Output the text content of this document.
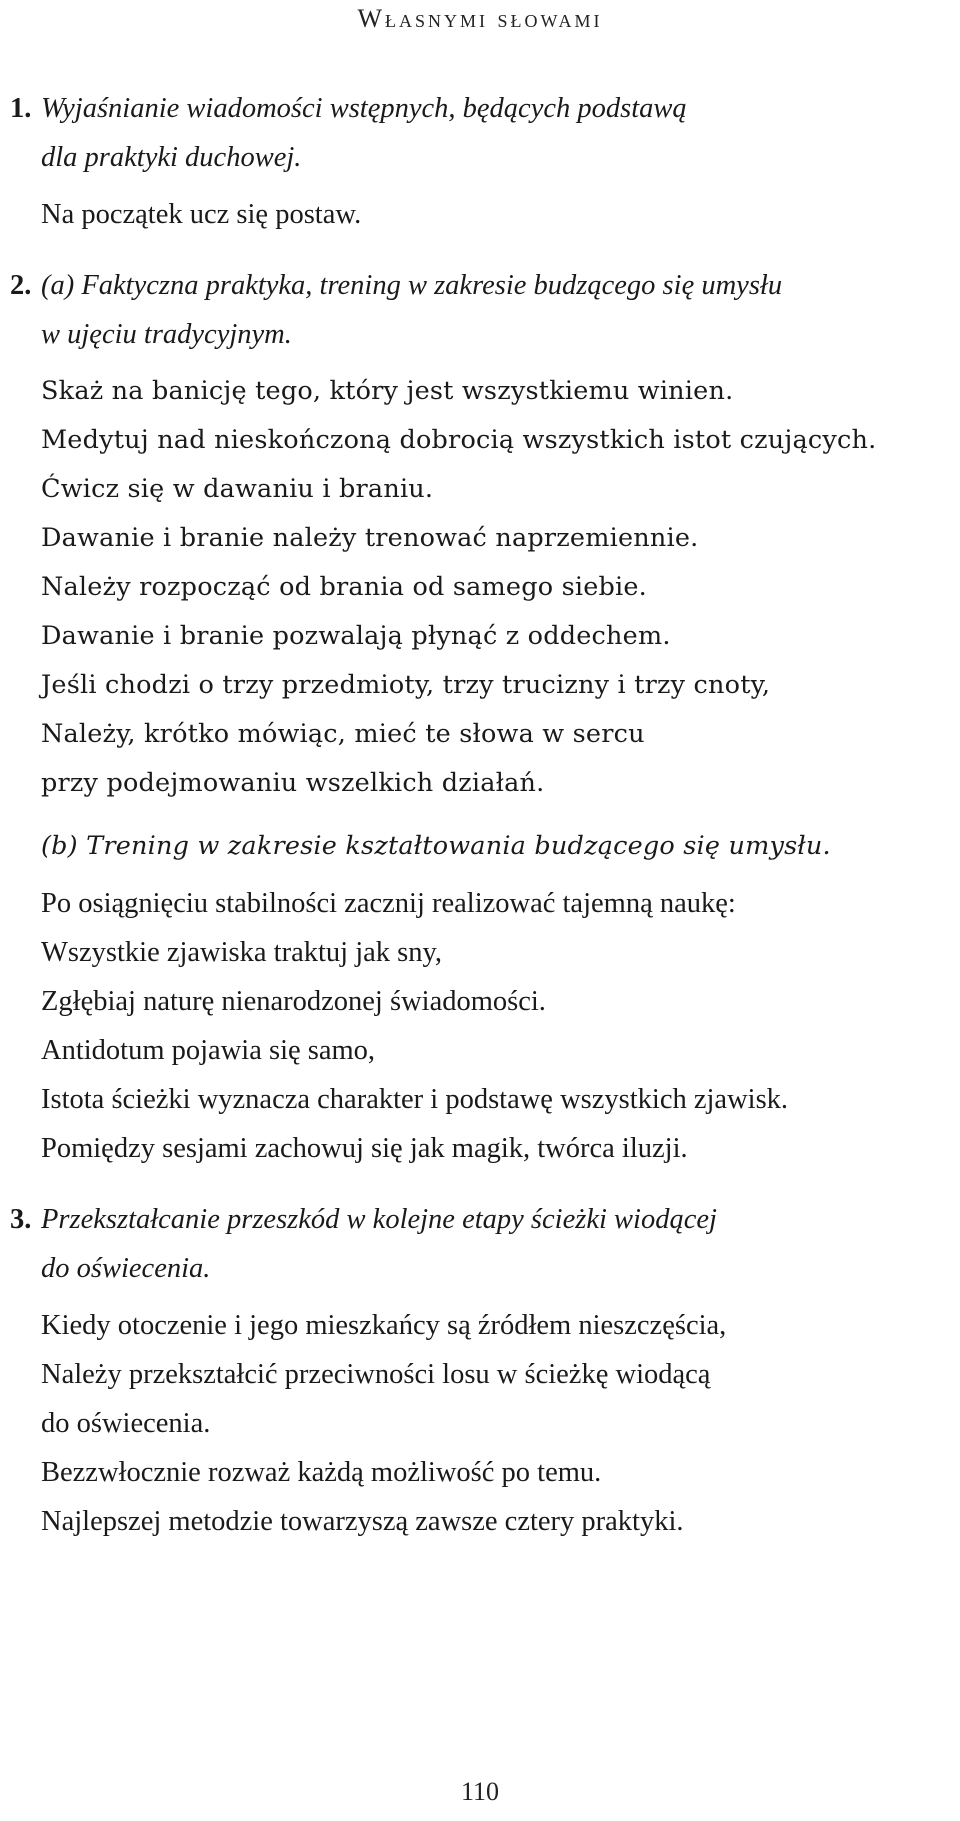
Własnymi słowami
1. Wyjaśnianie wiadomości wstępnych, będących podstawą
dla praktyki duchowej.
Na początek ucz się postaw.
2. (a) Faktyczna praktyka, trening w zakresie budzącego się umysłu
w ujęciu tradycyjnym.
Skaż na banicję tego, który jest wszystkiemu winien.
Medytuj nad nieskończoną dobrocią wszystkich istot czujących.
Ćwicz się w dawaniu i braniu.
Dawanie i branie należy trenować naprzemiennie.
Należy rozpocząć od brania od samego siebie.
Dawanie i branie pozwalają płynąć z oddechem.
Jeśli chodzi o trzy przedmioty, trzy trucizny i trzy cnoty,
Należy, krótko mówiąc, mieć te słowa w sercu
przy podejmowaniu wszelkich działań.
(b) Trening w zakresie kształtowania budzącego się umysłu.
Po osiągnięciu stabilności zacznij realizować tajemną naukę:
Wszystkie zjawiska traktuj jak sny,
Zgłębiaj naturę nienarodzonej świadomości.
Antidotum pojawia się samo,
Istota ścieżki wyznacza charakter i podstawę wszystkich zjawisk.
Pomiędzy sesjami zachowuj się jak magik, twórca iluzji.
3. Przekształcanie przeszkód w kolejne etapy ścieżki wiodącej
do oświecenia.
Kiedy otoczenie i jego mieszkańcy są źródłem nieszczęścia,
Należy przekształcić przeciwności losu w ścieżkę wiodącą
do oświecenia.
Bezzwłocznie rozważ każdą możliwość po temu.
Najlepszej metodzie towarzyszą zawsze cztery praktyki.
110
